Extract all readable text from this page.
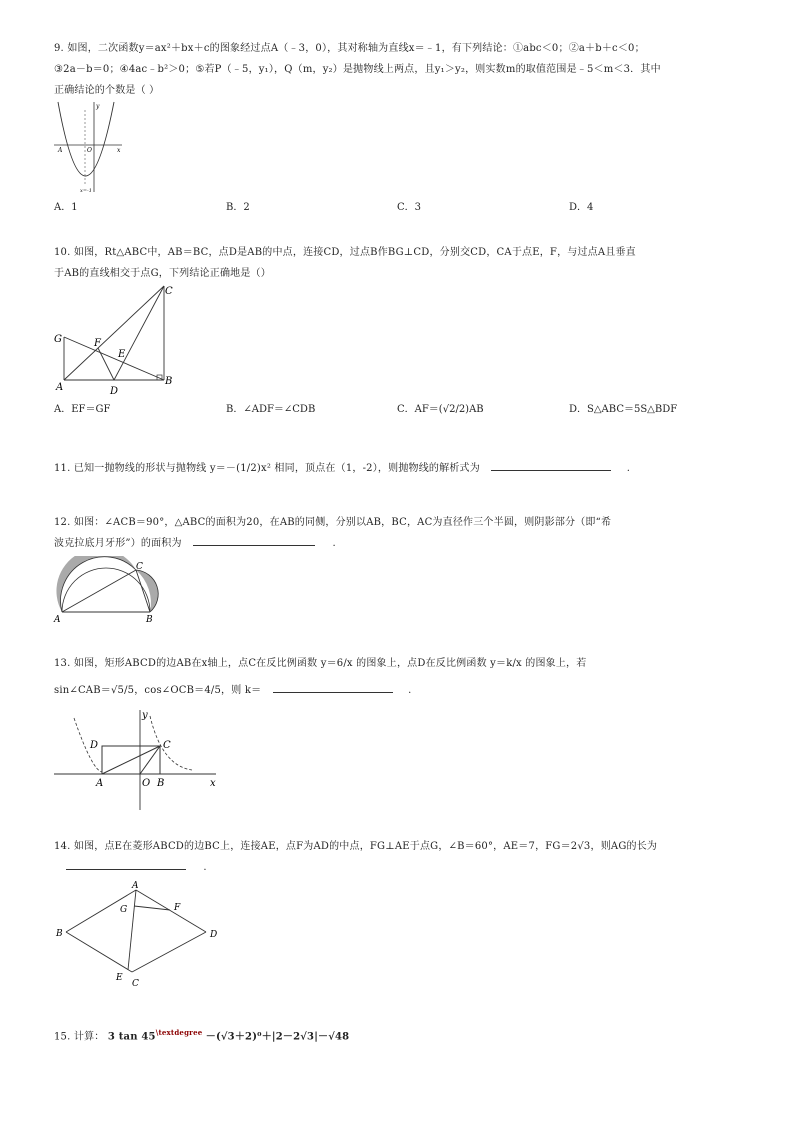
9. 如图，二次函数y＝ax²＋bx＋c的图象经过点A（﹣3，0），其对称轴为直线x＝﹣1，有下列结论：①abc＜0；②a＋b＋c＜0；

③2a－b＝0；④4ac﹣b²＞0；⑤若P（﹣5，y₁），Q（m，y₂）是抛物线上两点，且y₁＞y₂，则实数m的取值范围是﹣5＜m＜3．其中

正确结论的个数是（ ）

A	O	x
y
x=-1
A．1	B．2	C．3	D．4

10. 如图，Rt△ABC中，AB＝BC，点D是AB的中点，连接CD，过点B作BG⊥CD，分别交CD，CA于点E，F，与过点A且垂直

于AB的直线相交于点G，下列结论正确地是（）

C
G	F
E
A	D
B
A．EF＝GF	B．∠ADF＝∠CDB	C．AF＝(√2/2)AB	D．S△ABC＝5S△BDF
11. 已知一抛物线的形状与抛物线 y＝－(1/2)x² 相同，顶点在（1，-2），则抛物线的解析式为	.

12. 如图：∠ACB＝90°，△ABC的面积为20，在AB的同侧，分别以AB，BC，AC为直径作三个半圆，则阴影部分（即“希

波克拉底月牙形”）的面积为	.

A	B
C

13. 如图，矩形ABCD的边AB在x轴上，点C在反比例函数 y＝6/x 的图象上，点D在反比例函数 y＝k/x 的图象上，若

sin∠CAB＝√5/5，cos∠OCB＝4/5，则 k＝	.

D	C
A	O B	x
y

14. 如图，点E在菱形ABCD的边BC上，连接AE，点F为AD的中点，FG⊥AE于点G，∠B＝60°，AE＝7，FG＝2√3，则AG的长为

.

A
G	F
B	D
E
C
15. 计算： 3 $\tan 45^{\backslash textdegree} -(√3+2)^0+|2-2√3|-√48$
